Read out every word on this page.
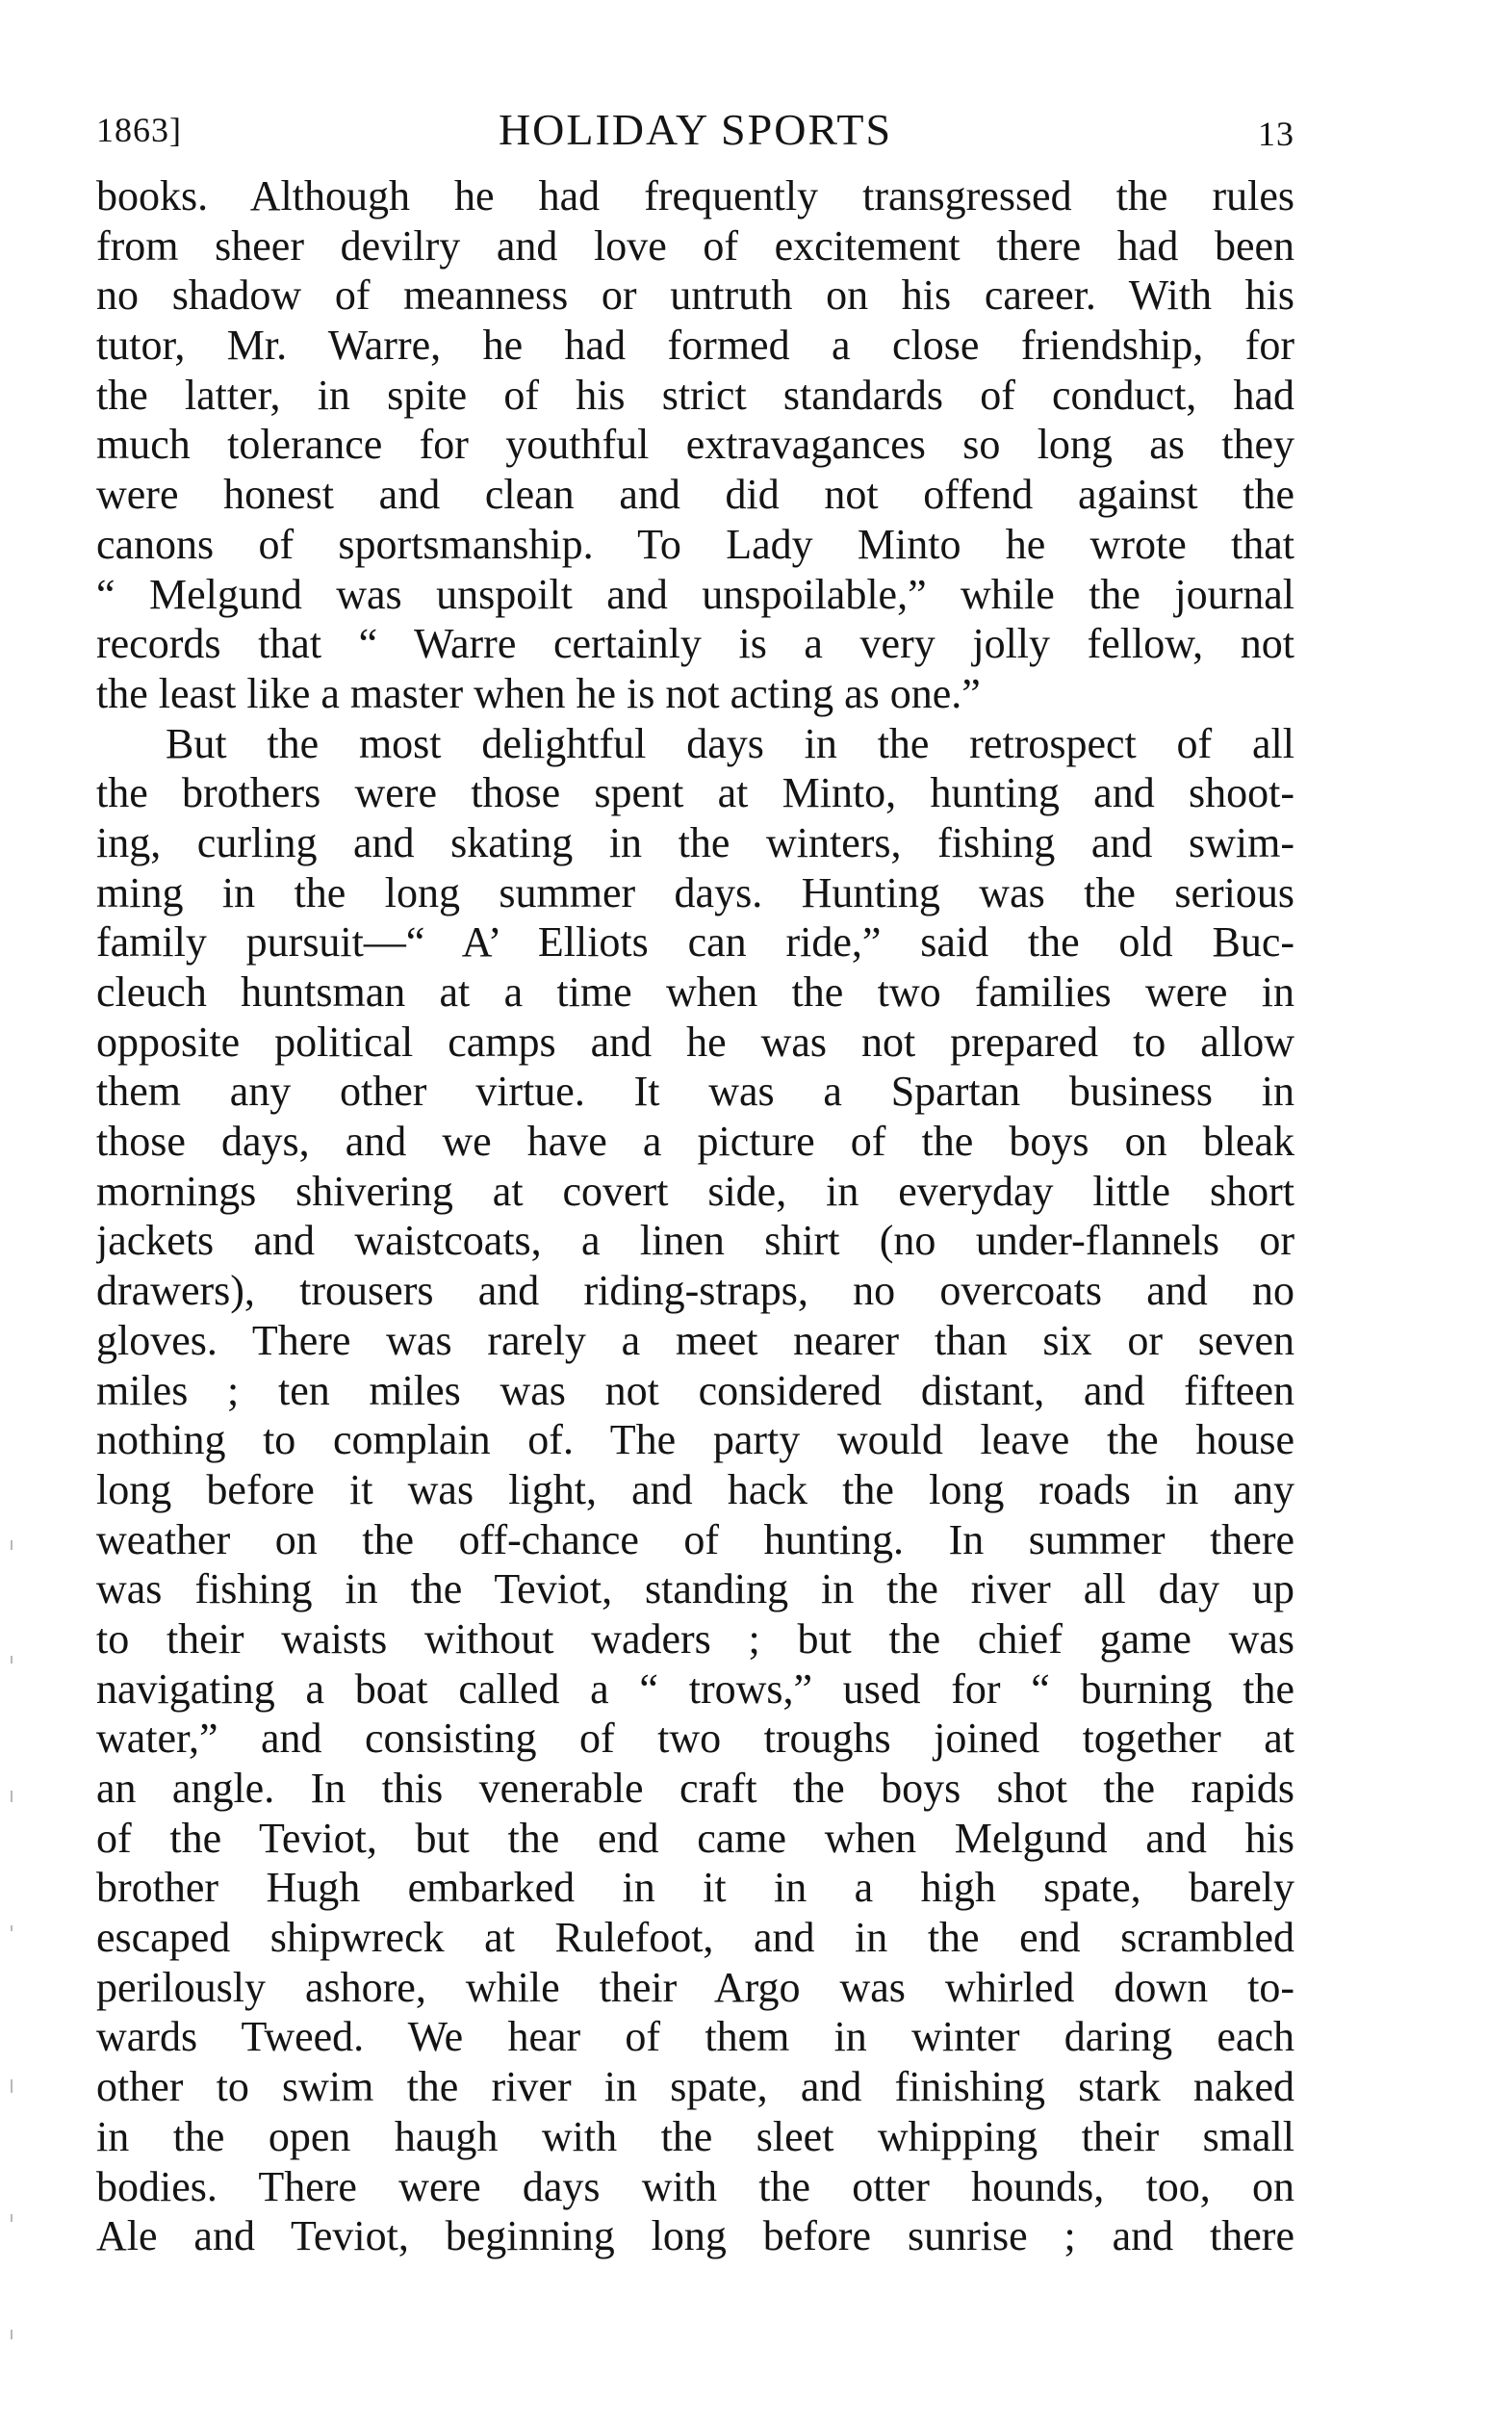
1863]	HOLIDAY SPORTS	13
books. Although he had frequently transgressed the rules
from sheer devilry and love of excitement there had been
no shadow of meanness or untruth on his career. With his
tutor, Mr. Warre, he had formed a close friendship, for
the latter, in spite of his strict standards of conduct, had
much tolerance for youthful extravagances so long as they
were honest and clean and did not offend against the
canons of sportsmanship. To Lady Minto he wrote that
“ Melgund was unspoilt and unspoilable,” while the journal
records that “ Warre certainly is a very jolly fellow, not
the least like a master when he is not acting as one.”
But the most delightful days in the retrospect of all
the brothers were those spent at Minto, hunting and shoot-
ing, curling and skating in the winters, fishing and swim-
ming in the long summer days. Hunting was the serious
family pursuit—“ A’ Elliots can ride,” said the old Buc-
cleuch huntsman at a time when the two families were in
opposite political camps and he was not prepared to allow
them any other virtue. It was a Spartan business in
those days, and we have a picture of the boys on bleak
mornings shivering at covert side, in everyday little short
jackets and waistcoats, a linen shirt (no under-flannels or
drawers), trousers and riding-straps, no overcoats and no
gloves. There was rarely a meet nearer than six or seven
miles ; ten miles was not considered distant, and fifteen
nothing to complain of. The party would leave the house
long before it was light, and hack the long roads in any
weather on the off-chance of hunting. In summer there
was fishing in the Teviot, standing in the river all day up
to their waists without waders ; but the chief game was
navigating a boat called a “ trows,” used for “ burning the
water,” and consisting of two troughs joined together at
an angle. In this venerable craft the boys shot the rapids
of the Teviot, but the end came when Melgund and his
brother Hugh embarked in it in a high spate, barely
escaped shipwreck at Rulefoot, and in the end scrambled
perilously ashore, while their Argo was whirled down to-
wards Tweed. We hear of them in winter daring each
other to swim the river in spate, and finishing stark naked
in the open haugh with the sleet whipping their small
bodies. There were days with the otter hounds, too, on
Ale and Teviot, beginning long before sunrise ; and there
